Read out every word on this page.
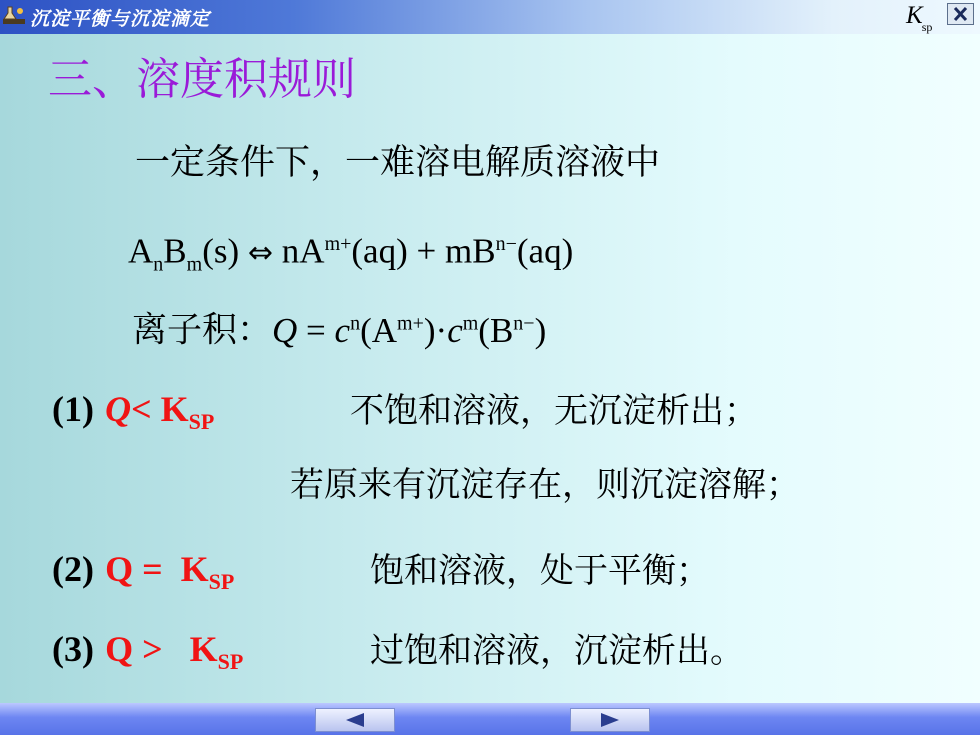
沉淀平衡与沉淀滴定	$K_{sp}$
三、溶度积规则
一定条件下，一难溶电解质溶液中
$A_nB_m(s)$ ⇔ $nA^{m+}(aq) + mB^{n-}(aq)$
离子积：$Q = c^n(A^{m+})\cdot c^m(B^{n-})$
(1) $Q< K_{SP}$	不饱和溶液，无沉淀析出；
若原来有沉淀存在，则沉淀溶解；
(2) $Q = K_{SP}$	饱和溶液，处于平衡；
(3) $Q > K_{SP}$	过饱和溶液，沉淀析出。
